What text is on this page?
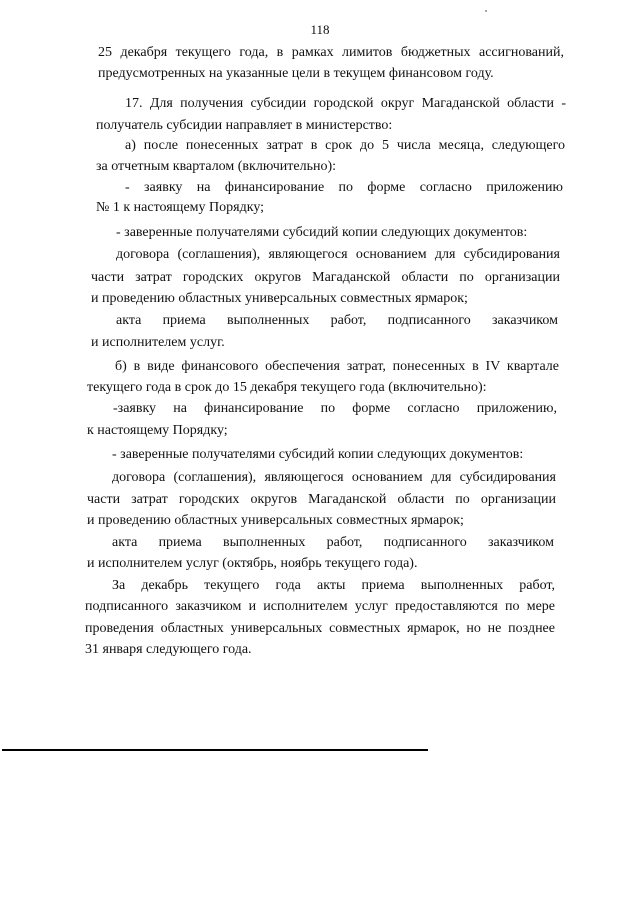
118
25 декабря текущего года, в рамках лимитов бюджетных ассигнований,
предусмотренных на указанные цели в текущем финансовом году.
17. Для получения субсидии городской округ Магаданской области -
получатель субсидии направляет в министерство:
а) после понесенных затрат в срок до 5 числа месяца, следующего
за отчетным кварталом (включительно):
- заявку на финансирование по форме согласно приложению
№ 1 к настоящему Порядку;
- заверенные получателями субсидий копии следующих документов:
договора (соглашения), являющегося основанием для субсидирования
части затрат городских округов Магаданской области по организации
и проведению областных универсальных совместных ярмарок;
акта приема выполненных работ, подписанного заказчиком
и исполнителем услуг.
б) в виде финансового обеспечения затрат, понесенных в IV квартале
текущего года в срок до 15 декабря текущего года (включительно):
-заявку на финансирование по форме согласно приложению,
к настоящему Порядку;
- заверенные получателями субсидий копии следующих документов:
договора (соглашения), являющегося основанием для субсидирования
части затрат городских округов Магаданской области по организации
и проведению областных универсальных совместных ярмарок;
акта приема выполненных работ, подписанного заказчиком
и исполнителем услуг (октябрь, ноябрь текущего года).
За декабрь текущего года акты приема выполненных работ,
подписанного заказчиком и исполнителем услуг предоставляются по мере
проведения областных универсальных совместных ярмарок, но не позднее
31 января следующего года.
